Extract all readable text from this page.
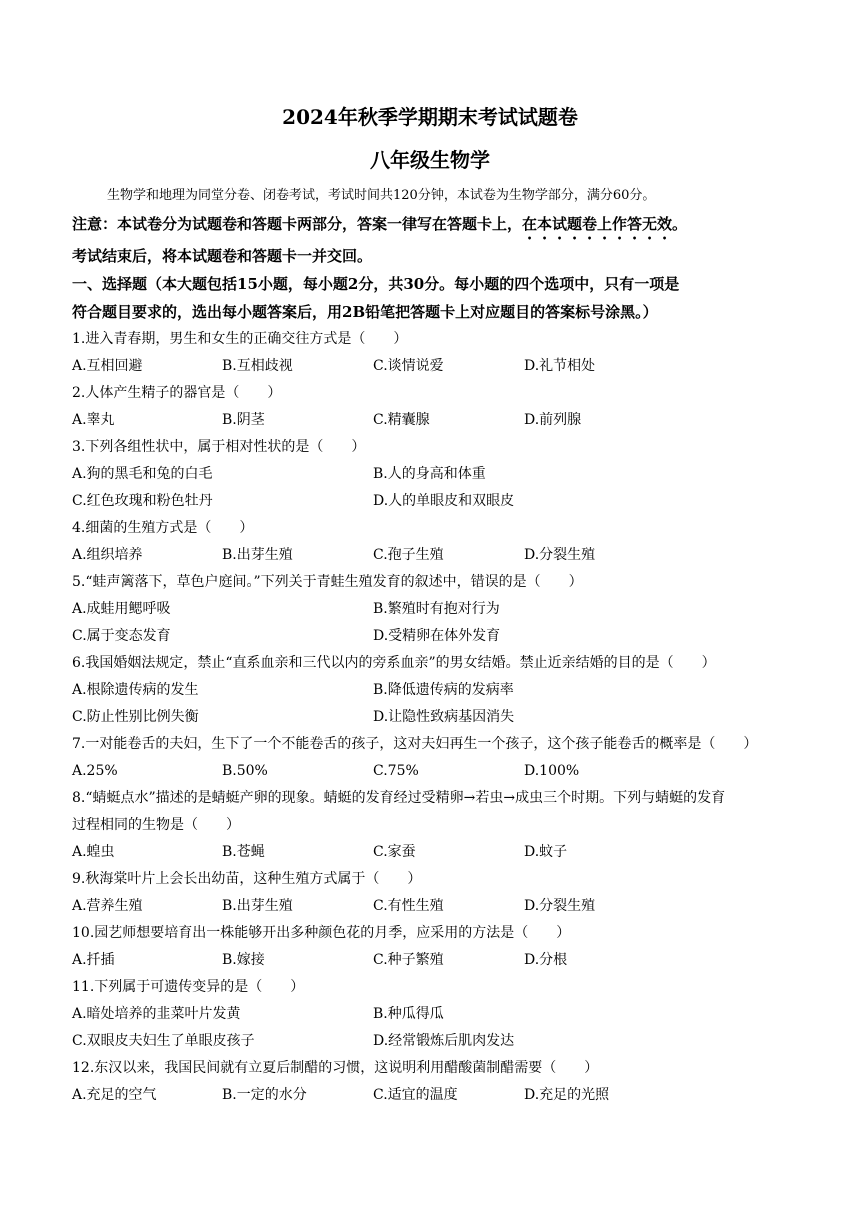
2024年秋季学期期末考试试题卷
八年级生物学
生物学和地理为同堂分卷、闭卷考试，考试时间共120分钟，本试卷为生物学部分，满分60分。
注意：本试卷分为试题卷和答题卡两部分，答案一律写在答题卡上，在本试题卷上作答无效。
考试结束后，将本试题卷和答题卡一并交回。
一、选择题（本大题包括15小题，每小题2分，共30分。每小题的四个选项中，只有一项是
符合题目要求的，选出每小题答案后，用2B铅笔把答题卡上对应题目的答案标号涂黑。）
1.进入青春期，男生和女生的正确交往方式是（　　）
A.互相回避	B.互相歧视	C.谈情说爱	D.礼节相处
2.人体产生精子的器官是（　　）
A.睾丸	B.阴茎	C.精囊腺	D.前列腺
3.下列各组性状中，属于相对性状的是（　　）
A.狗的黑毛和兔的白毛	B.人的身高和体重
C.红色玫瑰和粉色牡丹	D.人的单眼皮和双眼皮
4.细菌的生殖方式是（　　）
A.组织培养	B.出芽生殖	C.孢子生殖	D.分裂生殖
5.“蛙声篱落下，草色户庭间。”下列关于青蛙生殖发育的叙述中，错误的是（　　）
A.成蛙用鳃呼吸	B.繁殖时有抱对行为
C.属于变态发育	D.受精卵在体外发育
6.我国婚姻法规定，禁止“直系血亲和三代以内的旁系血亲”的男女结婚。禁止近亲结婚的目的是（　　）
A.根除遗传病的发生	B.降低遗传病的发病率
C.防止性别比例失衡	D.让隐性致病基因消失
7.一对能卷舌的夫妇，生下了一个不能卷舌的孩子，这对夫妇再生一个孩子，这个孩子能卷舌的概率是（　　）
A.25%	B.50%	C.75%	D.100%
8.“蜻蜓点水”描述的是蜻蜓产卵的现象。蜻蜓的发育经过受精卵→若虫→成虫三个时期。下列与蜻蜓的发育
过程相同的生物是（　　）
A.蝗虫	B.苍蝇	C.家蚕	D.蚊子
9.秋海棠叶片上会长出幼苗，这种生殖方式属于（　　）
A.营养生殖	B.出芽生殖	C.有性生殖	D.分裂生殖
10.园艺师想要培育出一株能够开出多种颜色花的月季，应采用的方法是（　　）
A.扦插	B.嫁接	C.种子繁殖	D.分根
11.下列属于可遗传变异的是（　　）
A.暗处培养的韭菜叶片发黄	B.种瓜得瓜
C.双眼皮夫妇生了单眼皮孩子	D.经常锻炼后肌肉发达
12.东汉以来，我国民间就有立夏后制醋的习惯，这说明利用醋酸菌制醋需要（　　）
A.充足的空气	B.一定的水分	C.适宜的温度	D.充足的光照
